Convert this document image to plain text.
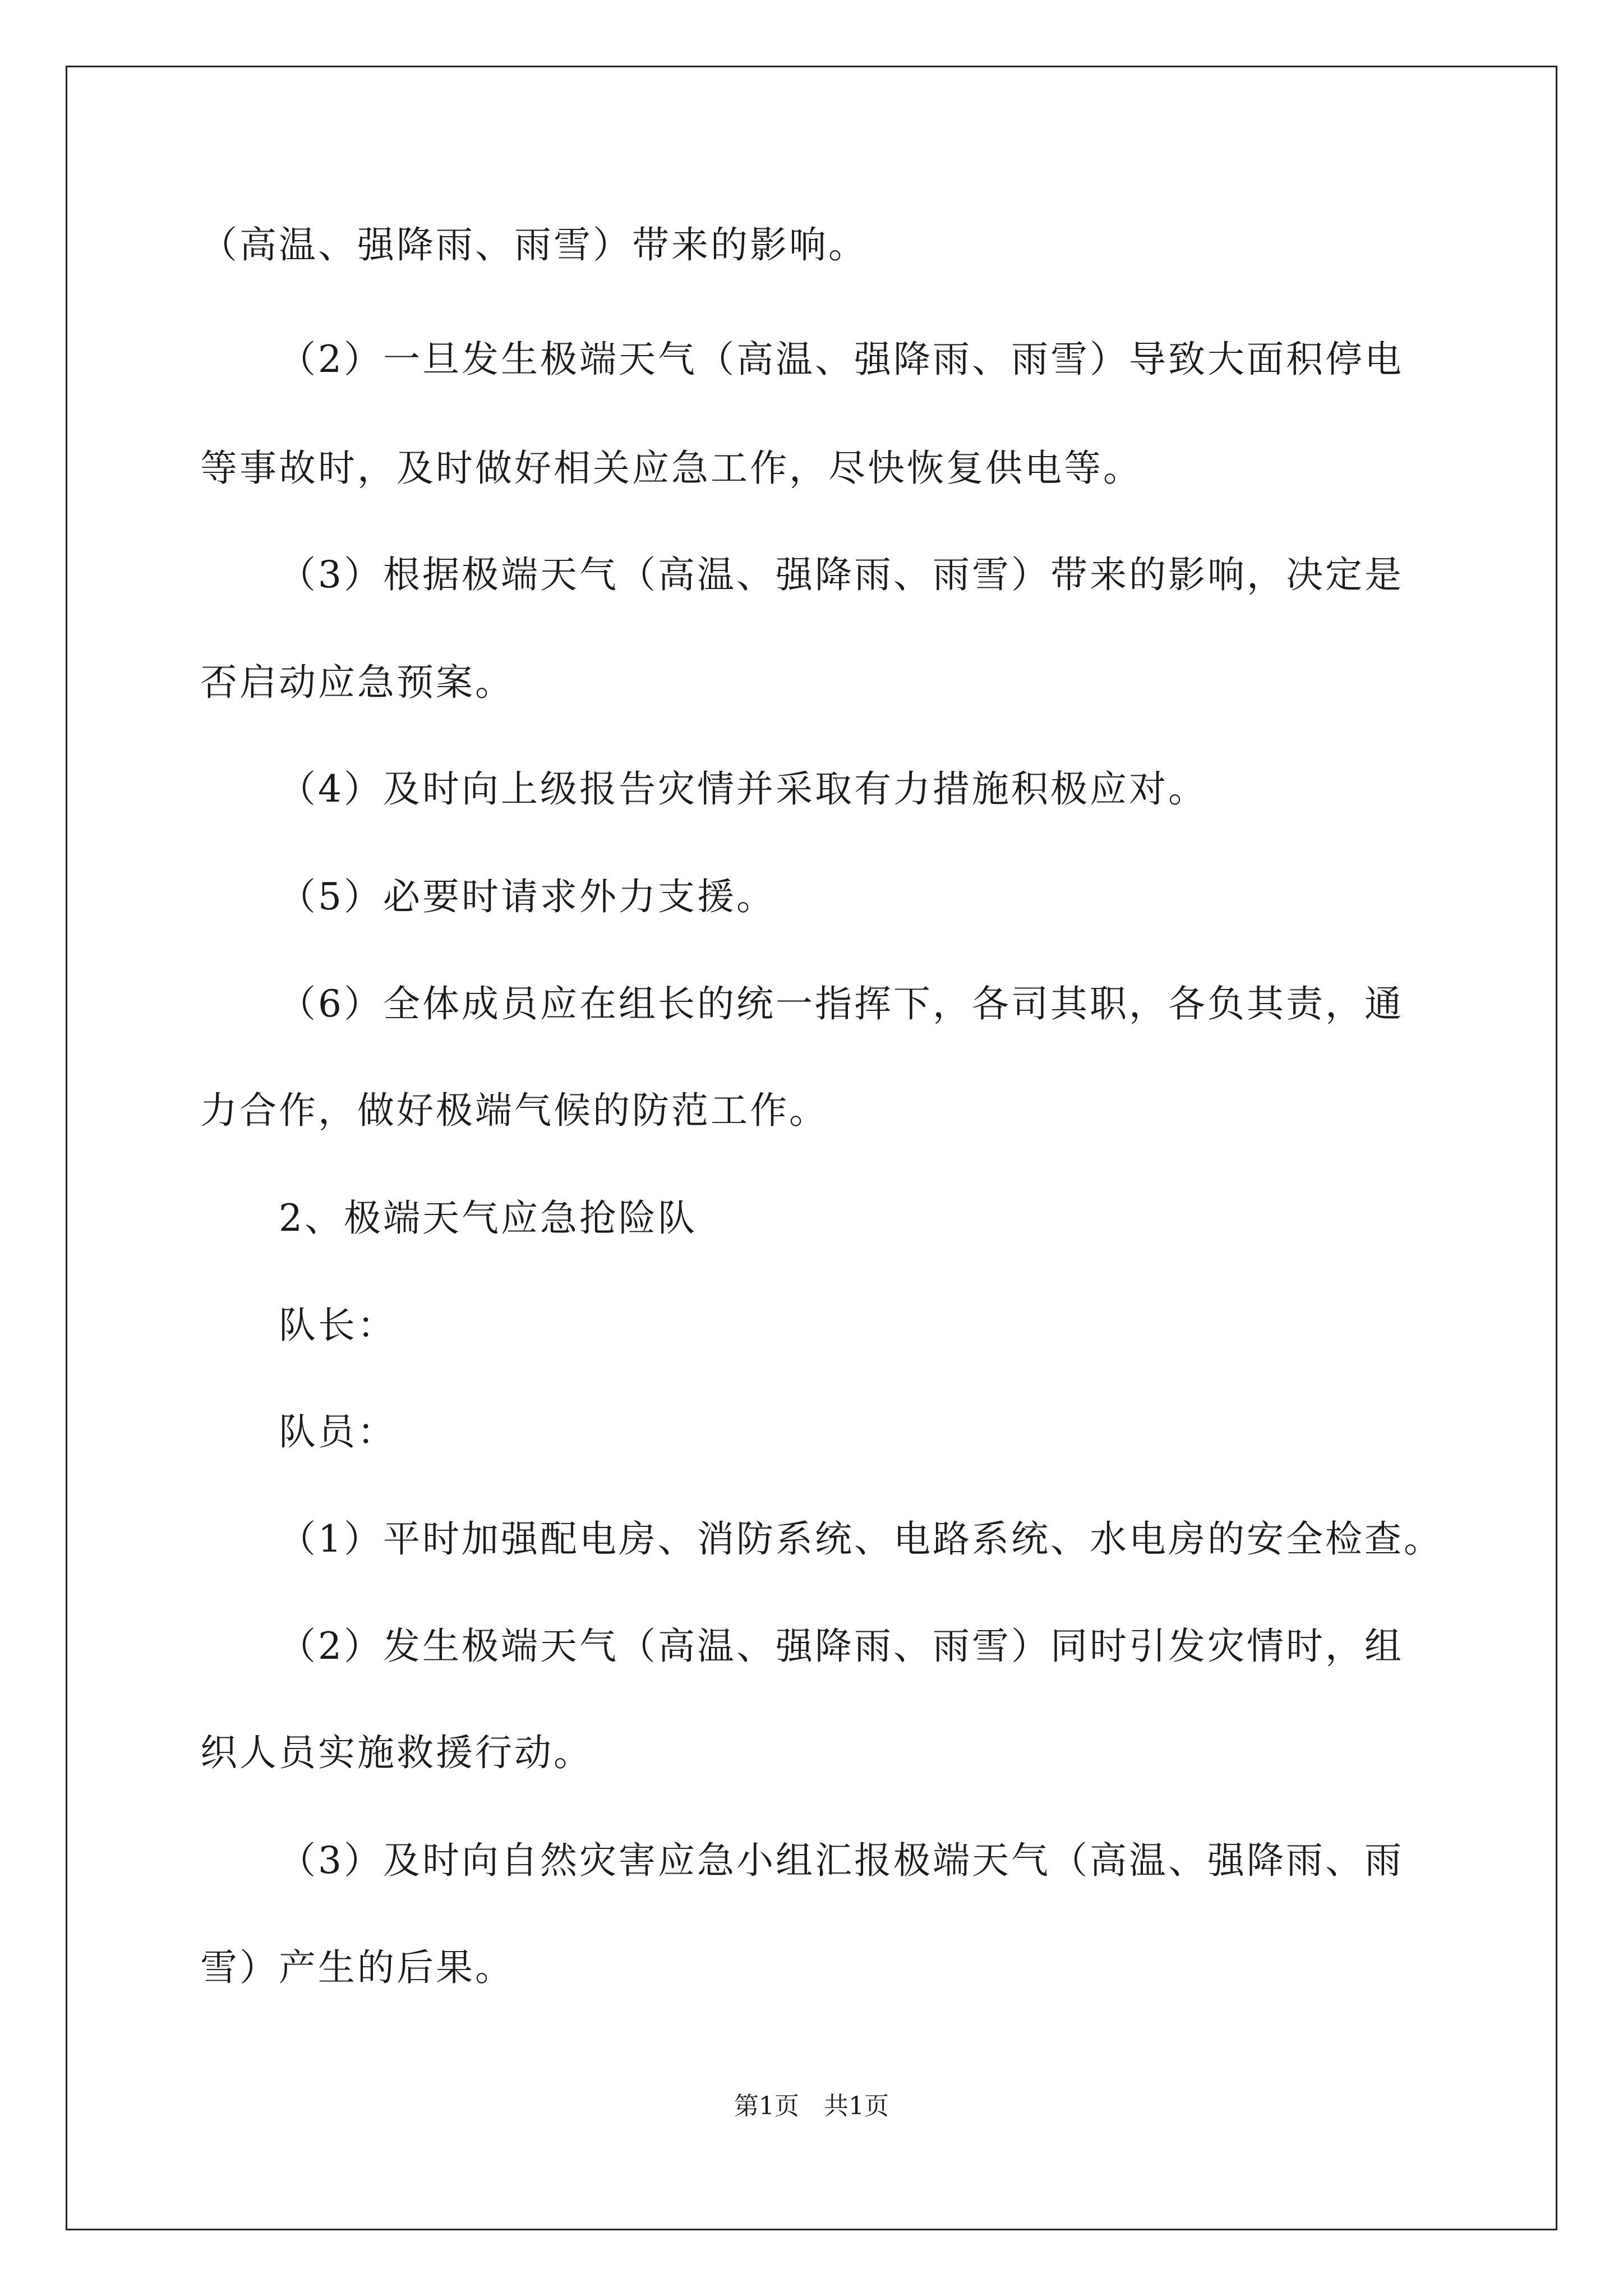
（高温、强降雨、雨雪）带来的影响。
（2）一旦发生极端天气（高温、强降雨、雨雪）导致大面积停电
等事故时，及时做好相关应急工作，尽快恢复供电等。
（3）根据极端天气（高温、强降雨、雨雪）带来的影响，决定是
否启动应急预案。
（4）及时向上级报告灾情并采取有力措施积极应对。
（5）必要时请求外力支援。
（6）全体成员应在组长的统一指挥下，各司其职，各负其责，通
力合作，做好极端气候的防范工作。
2、极端天气应急抢险队
队长：
队员：
（1）平时加强配电房、消防系统、电路系统、水电房的安全检查。
（2）发生极端天气（高温、强降雨、雨雪）同时引发灾情时，组
织人员实施救援行动。
（3）及时向自然灾害应急小组汇报极端天气（高温、强降雨、雨
雪）产生的后果。
第1页　共1页
